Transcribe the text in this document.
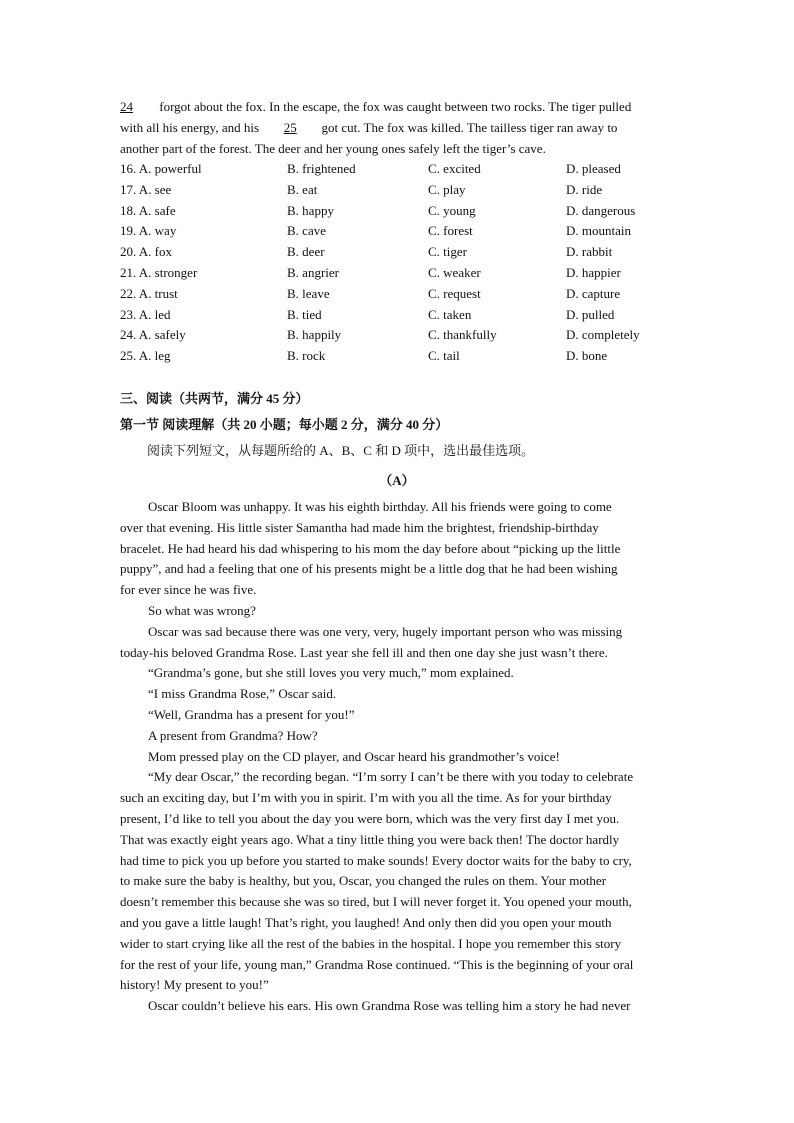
24 forgot about the fox. In the escape, the fox was caught between two rocks. The tiger pulled
with all his energy, and his 25 got cut. The fox was killed. The tailless tiger ran away to
another part of the forest. The deer and her young ones safely left the tiger’s cave.
16. A. powerful	B. frightened	C. excited	D. pleased
17. A. see	B. eat	C. play	D. ride
18. A. safe	B. happy	C. young	D. dangerous
19. A. way	B. cave	C. forest	D. mountain
20. A. fox	B. deer	C. tiger	D. rabbit
21. A. stronger	B. angrier	C. weaker	D. happier
22. A. trust	B. leave	C. request	D. capture
23. A. led	B. tied	C. taken	D. pulled
24. A. safely	B. happily	C. thankfully	D. completely
25. A. leg	B. rock	C. tail	D. bone
三、阅读（共两节，满分 45 分）
第一节 阅读理解（共 20 小题；每小题 2 分，满分 40 分）
阅读下列短文，从每题所给的 A、B、C 和 D 项中，选出最佳选项。
（A）
Oscar Bloom was unhappy. It was his eighth birthday. All his friends were going to come
over that evening. His little sister Samantha had made him the brightest, friendship-birthday
bracelet. He had heard his dad whispering to his mom the day before about “picking up the little
puppy”, and had a feeling that one of his presents might be a little dog that he had been wishing
for ever since he was five.
So what was wrong?
Oscar was sad because there was one very, very, hugely important person who was missing
today-his beloved Grandma Rose. Last year she fell ill and then one day she just wasn’t there.
“Grandma’s gone, but she still loves you very much,” mom explained.
“I miss Grandma Rose,” Oscar said.
“Well, Grandma has a present for you!”
A present from Grandma? How?
Mom pressed play on the CD player, and Oscar heard his grandmother’s voice!
“My dear Oscar,” the recording began. “I’m sorry I can’t be there with you today to celebrate
such an exciting day, but I’m with you in spirit. I’m with you all the time. As for your birthday
present, I’d like to tell you about the day you were born, which was the very first day I met you.
That was exactly eight years ago. What a tiny little thing you were back then! The doctor hardly
had time to pick you up before you started to make sounds! Every doctor waits for the baby to cry,
to make sure the baby is healthy, but you, Oscar, you changed the rules on them. Your mother
doesn’t remember this because she was so tired, but I will never forget it. You opened your mouth,
and you gave a little laugh! That’s right, you laughed! And only then did you open your mouth
wider to start crying like all the rest of the babies in the hospital. I hope you remember this story
for the rest of your life, young man,” Grandma Rose continued. “This is the beginning of your oral
history! My present to you!”
Oscar couldn’t believe his ears. His own Grandma Rose was telling him a story he had never
